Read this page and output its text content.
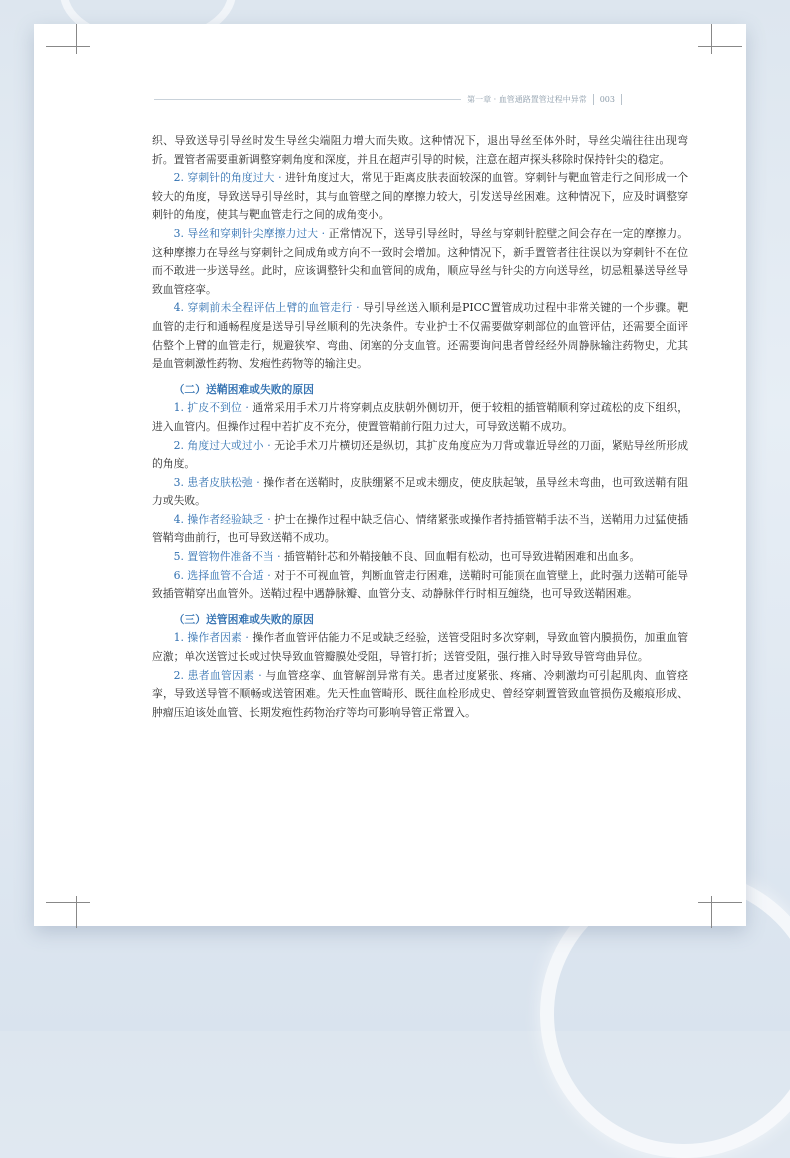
第一章 · 血管通路置管过程中异常 003

织、导致送导引导丝时发生导丝尖端阻力增大而失败。这种情况下，退出导丝至体外时，导丝尖端往往出现弯折。置管者需要重新调整穿刺角度和深度，并且在超声引导的时候，注意在超声探头移除时保持针尖的稳定。

2. 穿刺针的角度过大 · 进针角度过大，常见于距离皮肤表面较深的血管。穿刺针与靶血管走行之间形成一个较大的角度，导致送导引导丝时，其与血管壁之间的摩擦力较大，引发送导丝困难。这种情况下，应及时调整穿刺针的角度，使其与靶血管走行之间的成角变小。

3. 导丝和穿刺针尖摩擦力过大 · 正常情况下，送导引导丝时，导丝与穿刺针腔壁之间会存在一定的摩擦力。这种摩擦力在导丝与穿刺针之间成角或方向不一致时会增加。这种情况下，新手置管者往往误以为穿刺针不在位而不敢进一步送导丝。此时，应该调整针尖和血管间的成角，顺应导丝与针尖的方向送导丝，切忌粗暴送导丝导致血管痉挛。

4. 穿刺前未全程评估上臂的血管走行 · 导引导丝送入顺利是PICC置管成功过程中非常关键的一个步骤。靶血管的走行和通畅程度是送导引导丝顺利的先决条件。专业护士不仅需要做穿刺部位的血管评估，还需要全面评估整个上臂的血管走行，规避狭窄、弯曲、闭塞的分支血管。还需要询问患者曾经经外周静脉输注药物史，尤其是血管刺激性药物、发疱性药物等的输注史。

（二）送鞘困难或失败的原因

1. 扩皮不到位 · 通常采用手术刀片将穿刺点皮肤朝外侧切开，便于较粗的插管鞘顺利穿过疏松的皮下组织，进入血管内。但操作过程中若扩皮不充分，使置管鞘前行阻力过大，可导致送鞘不成功。

2. 角度过大或过小 · 无论手术刀片横切还是纵切，其扩皮角度应为刀背或靠近导丝的刀面，紧贴导丝所形成的角度。

3. 患者皮肤松弛 · 操作者在送鞘时，皮肤绷紧不足或未绷皮，使皮肤起皱，虽导丝未弯曲，也可致送鞘有阻力或失败。

4. 操作者经验缺乏 · 护士在操作过程中缺乏信心、情绪紧张或操作者持插管鞘手法不当，送鞘用力过猛使插管鞘弯曲前行，也可导致送鞘不成功。

5. 置管物件准备不当 · 插管鞘针芯和外鞘接触不良、回血帽有松动，也可导致进鞘困难和出血多。

6. 选择血管不合适 · 对于不可视血管，判断血管走行困难，送鞘时可能顶在血管壁上，此时强力送鞘可能导致插管鞘穿出血管外。送鞘过程中遇静脉瓣、血管分支、动静脉伴行时相互缠绕，也可导致送鞘困难。

（三）送管困难或失败的原因

1. 操作者因素 · 操作者血管评估能力不足或缺乏经验，送管受阻时多次穿刺，导致血管内膜损伤，加重血管应激；单次送管过长或过快导致血管瓣膜处受阻，导管打折；送管受阻，强行推入时导致导管弯曲异位。

2. 患者血管因素 · 与血管痉挛、血管解剖异常有关。患者过度紧张、疼痛、冷刺激均可引起肌肉、血管痉挛，导致送导管不顺畅或送管困难。先天性血管畸形、既往血栓形成史、曾经穿刺置管致血管损伤及瘢痕形成、肿瘤压迫该处血管、长期发疱性药物治疗等均可影响导管正常置入。
